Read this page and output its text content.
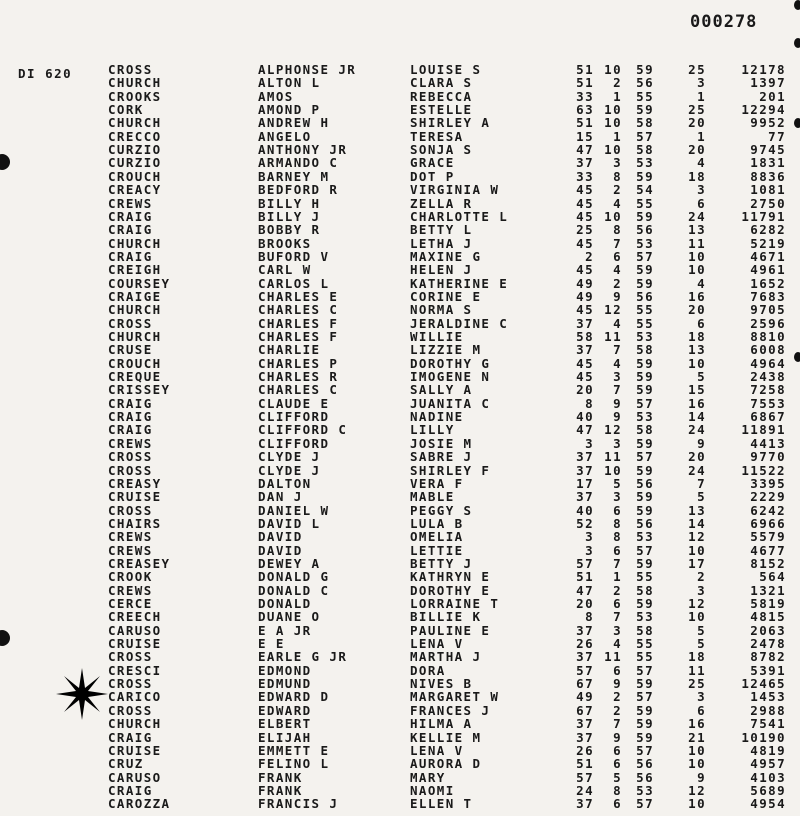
000278
DI 620	CROSS	ALPHONSE JR	LOUISE S	51 10	59	25	12178
CHURCH	ALTON L	CLARA S	51	2	56	3	1397
CROOKS	AMOS	REBECCA	33	1	55	1	201
CORK	AMOND P	ESTELLE	63 10	59	25	12294
CHURCH	ANDREW H	SHIRLEY A	51 10	58	20	9952
CRECCO	ANGELO	TERESA	15	1	57	1	77
CURZIO	ANTHONY JR	SONJA S	47 10	58	20	9745
CURZIO	ARMANDO C	GRACE	37	3	53	4	1831
CROUCH	BARNEY M	DOT P	33	8	59	18	8836
CREACY	BEDFORD R	VIRGINIA W	45	2	54	3	1081
CREWS	BILLY H	ZELLA R	45	4	55	6	2750
CRAIG	BILLY J	CHARLOTTE L	45 10	59	24	11791
CRAIG	BOBBY R	BETTY L	25	8	56	13	6282
CHURCH	BROOKS	LETHA J	45	7	53	11	5219
CRAIG	BUFORD V	MAXINE G	2	6	57	10	4671
CREIGH	CARL W	HELEN J	45	4	59	10	4961
COURSEY	CARLOS L	KATHERINE E	49	2	59	4	1652
CRAIGE	CHARLES E	CORINE E	49	9	56	16	7683
CHURCH	CHARLES C	NORMA S	45 12	55	20	9705
CROSS	CHARLES F	JERALDINE C	37	4	55	6	2596
CHURCH	CHARLES F	WILLIE	58 11	53	18	8810
CRUSE	CHARLIE	LIZZIE M	37	7	58	13	6008
CROUCH	CHARLES P	DOROTHY G	45	4	59	10	4964
CREQUE	CHARLES R	IMOGENE N	45	3	59	5	2438
CRISSEY	CHARLES C	SALLY A	20	7	59	15	7258
CRAIG	CLAUDE E	JUANITA C	8	9	57	16	7553
CRAIG	CLIFFORD	NADINE	40	9	53	14	6867
CRAIG	CLIFFORD C	LILLY	47 12	58	24	11891
CREWS	CLIFFORD	JOSIE M	3	3	59	9	4413
CROSS	CLYDE J	SABRE J	37 11	57	20	9770
CROSS	CLYDE J	SHIRLEY F	37 10	59	24	11522
CREASY	DALTON	VERA F	17	5	56	7	3395
CRUISE	DAN J	MABLE	37	3	59	5	2229
CROSS	DANIEL W	PEGGY S	40	6	59	13	6242
CHAIRS	DAVID L	LULA B	52	8	56	14	6966
CREWS	DAVID	OMELIA	3	8	53	12	5579
CREWS	DAVID	LETTIE	3	6	57	10	4677
CREASEY	DEWEY A	BETTY J	57	7	59	17	8152
CROOK	DONALD G	KATHRYN E	51	1	55	2	564
CREWS	DONALD C	DOROTHY E	47	2	58	3	1321
CERCE	DONALD	LORRAINE T	20	6	59	12	5819
CREECH	DUANE O	BILLIE K	8	7	53	10	4815
CARUSO	E A JR	PAULINE E	37	3	58	5	2063
CRUISE	E E	LENA V	26	4	55	5	2478
CROSS	EARLE G JR	MARTHA J	37 11	55	18	8782
CRESCI	EDMOND	DORA	57	6	57	11	5391
CROSS	EDMUND	NIVES B	67	9	59	25	12465
CARICO	EDWARD D	MARGARET W	49	2	57	3	1453
CROSS	EDWARD	FRANCES J	67	2	59	6	2988
CHURCH	ELBERT	HILMA A	37	7	59	16	7541
CRAIG	ELIJAH	KELLIE M	37	9	59	21	10190
CRUISE	EMMETT E	LENA V	26	6	57	10	4819
CRUZ	FELINO L	AURORA D	51	6	56	10	4957
CARUSO	FRANK	MARY	57	5	56	9	4103
CRAIG	FRANK	NAOMI	24	8	53	12	5689
CAROZZA	FRANCIS J	ELLEN T	37	6	57	10	4954
